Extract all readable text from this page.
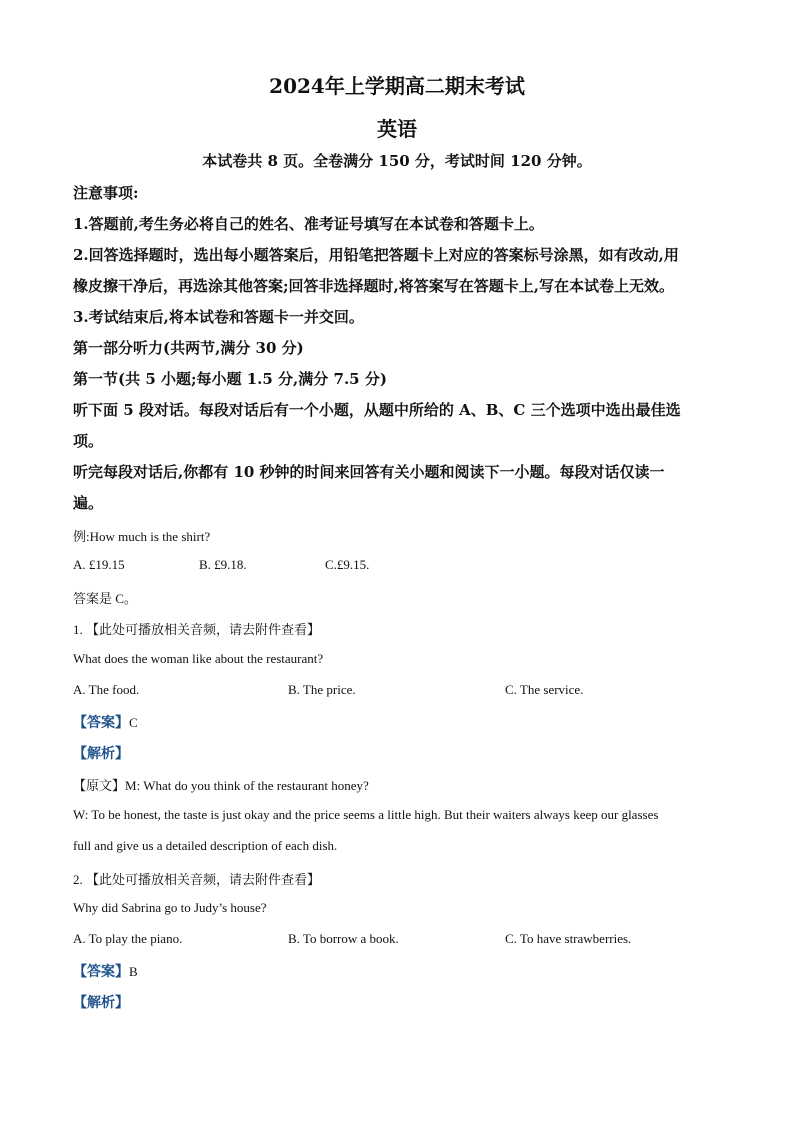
2024年上学期高二期末考试
英语
本试卷共 8 页。全卷满分 150 分，考试时间 120 分钟。
注意事项:
1.答题前,考生务必将自己的姓名、准考证号填写在本试卷和答题卡上。
2.回答选择题时，选出每小题答案后，用铅笔把答题卡上对应的答案标号涂黑，如有改动,用
橡皮擦干净后，再选涂其他答案;回答非选择题时,将答案写在答题卡上,写在本试卷上无效。
3.考试结束后,将本试卷和答题卡一并交回。
第一部分听力(共两节,满分 30 分)
第一节(共 5 小题;每小题 1.5 分,满分 7.5 分)
听下面 5 段对话。每段对话后有一个小题，从题中所给的 A、B、C 三个选项中选出最佳选
项。
听完每段对话后,你都有 10 秒钟的时间来回答有关小题和阅读下一小题。每段对话仅读一
遍。
例:How much is the shirt?
A. £19.15	B. £9.18.	C.£9.15.
答案是 C。
1. 【此处可播放相关音频，请去附件查看】
What does the woman like about the restaurant?
A. The food.	B. The price.	C. The service.
【答案】C
【解析】
【原文】M: What do you think of the restaurant honey?
W: To be honest, the taste is just okay and the price seems a little high. But their waiters always keep our glasses
full and give us a detailed description of each dish.
2. 【此处可播放相关音频，请去附件查看】
Why did Sabrina go to Judy’s house?
A. To play the piano.	B. To borrow a book.	C. To have strawberries.
【答案】B
【解析】
